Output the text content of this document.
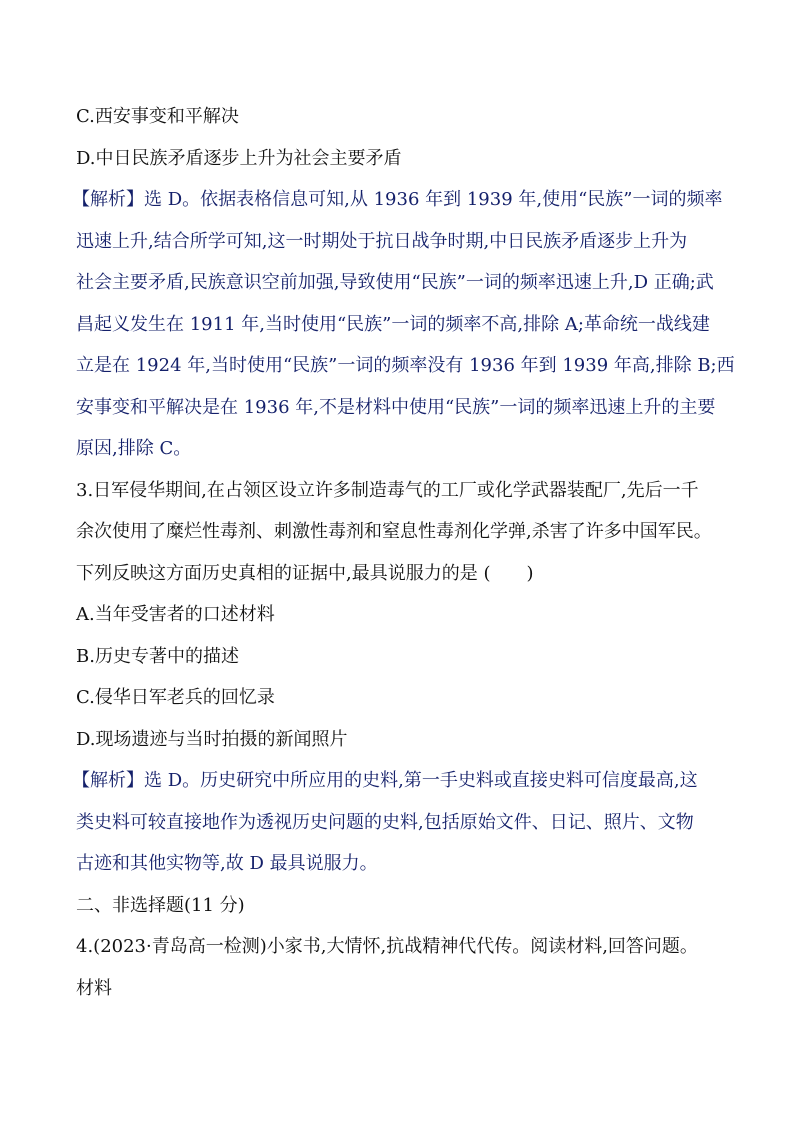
C.西安事变和平解决
D.中日民族矛盾逐步上升为社会主要矛盾
【解析】选 D。依据表格信息可知,从 1936 年到 1939 年,使用“民族”一词的频率
迅速上升,结合所学可知,这一时期处于抗日战争时期,中日民族矛盾逐步上升为
社会主要矛盾,民族意识空前加强,导致使用“民族”一词的频率迅速上升,D 正确;武
昌起义发生在 1911 年,当时使用“民族”一词的频率不高,排除 A;革命统一战线建
立是在 1924 年,当时使用“民族”一词的频率没有 1936 年到 1939 年高,排除 B;西
安事变和平解决是在 1936 年,不是材料中使用“民族”一词的频率迅速上升的主要
原因,排除 C。
3.日军侵华期间,在占领区设立许多制造毒气的工厂或化学武器装配厂,先后一千
余次使用了糜烂性毒剂、刺激性毒剂和窒息性毒剂化学弹,杀害了许多中国军民。
下列反映这方面历史真相的证据中,最具说服力的是 (　　)
A.当年受害者的口述材料
B.历史专著中的描述
C.侵华日军老兵的回忆录
D.现场遗迹与当时拍摄的新闻照片
【解析】选 D。历史研究中所应用的史料,第一手史料或直接史料可信度最高,这
类史料可较直接地作为透视历史问题的史料,包括原始文件、日记、照片、文物
古迹和其他实物等,故 D 最具说服力。
二、非选择题(11 分)
4.(2023·青岛高一检测)小家书,大情怀,抗战精神代代传。阅读材料,回答问题。
材料
